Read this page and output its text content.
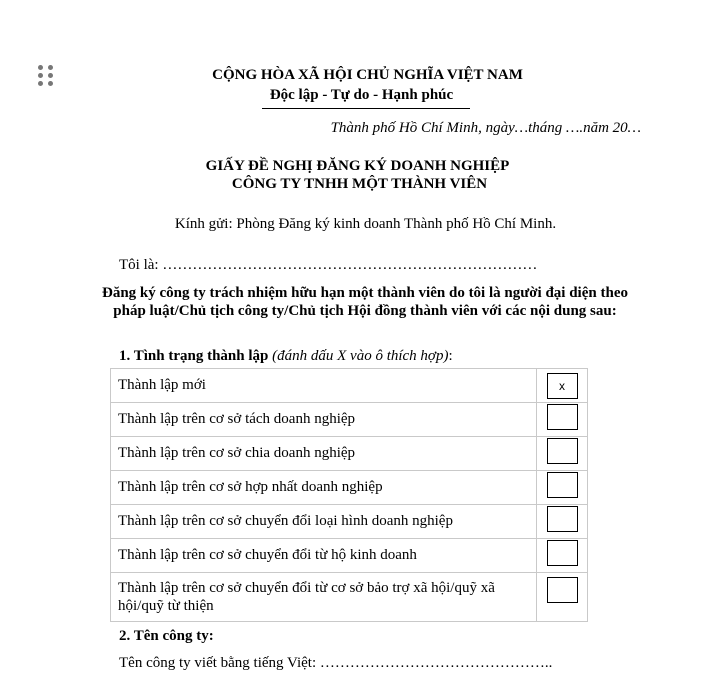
CỘNG HÒA XÃ HỘI CHỦ NGHĨA VIỆT NAM
Độc lập - Tự do - Hạnh phúc
Thành phố Hồ Chí Minh, ngày…tháng ….năm 20…
GIẤY ĐỀ NGHỊ ĐĂNG KÝ DOANH NGHIỆP
CÔNG TY TNHH MỘT THÀNH VIÊN
Kính gửi: Phòng Đăng ký kinh doanh Thành phố Hồ Chí Minh.
Tôi là: …………………………………………………………………
Đăng ký công ty trách nhiệm hữu hạn một thành viên do tôi là người đại diện theo pháp luật/Chủ tịch công ty/Chủ tịch Hội đồng thành viên với các nội dung sau:
1. Tình trạng thành lập (đánh dấu X vào ô thích hợp):
Thành lập mới	x
Thành lập trên cơ sở tách doanh nghiệp	
Thành lập trên cơ sở chia doanh nghiệp	
Thành lập trên cơ sở hợp nhất doanh nghiệp	
Thành lập trên cơ sở chuyển đổi loại hình doanh nghiệp	
Thành lập trên cơ sở chuyển đổi từ hộ kinh doanh	
Thành lập trên cơ sở chuyển đổi từ cơ sở bảo trợ xã hội/quỹ xã hội/quỹ từ thiện	
2. Tên công ty:
Tên công ty viết bằng tiếng Việt: ………………………………………..
